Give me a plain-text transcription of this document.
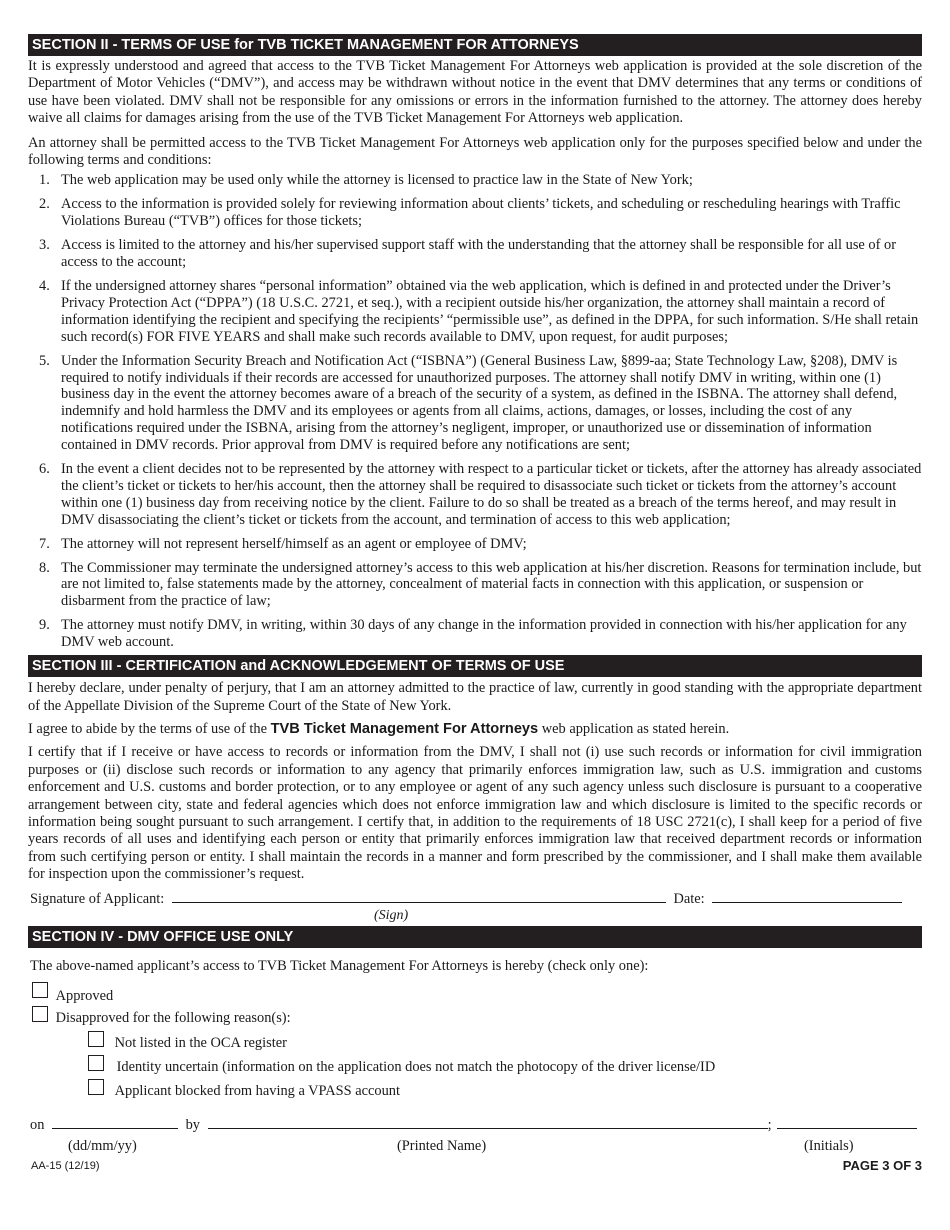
SECTION II - TERMS OF USE for TVB TICKET MANAGEMENT FOR ATTORNEYS

It is expressly understood and agreed that access to the TVB Ticket Management For Attorneys web application is provided at the sole discretion of the Department of Motor Vehicles (“DMV”), and access may be withdrawn without notice in the event that DMV determines that any terms or conditions of use have been violated. DMV shall not be responsible for any omissions or errors in the information furnished to the attorney. The attorney does hereby waive all claims for damages arising from the use of the TVB Ticket Management For Attorneys web application.

An attorney shall be permitted access to the TVB Ticket Management For Attorneys web application only for the purposes specified below and under the following terms and conditions:

1. The web application may be used only while the attorney is licensed to practice law in the State of New York;
2. Access to the information is provided solely for reviewing information about clients’ tickets, and scheduling or rescheduling hearings with Traffic Violations Bureau (“TVB”) offices for those tickets;
3. Access is limited to the attorney and his/her supervised support staff with the understanding that the attorney shall be responsible for all use of or access to the account;
4. If the undersigned attorney shares “personal information” obtained via the web application, which is defined in and protected under the Driver’s Privacy Protection Act (“DPPA”) (18 U.S.C. 2721, et seq.), with a recipient outside his/her organization, the attorney shall maintain a record of information identifying the recipient and specifying the recipients’ “permissible use”, as defined in the DPPA, for such information. S/He shall retain such record(s) FOR FIVE YEARS and shall make such records available to DMV, upon request, for audit purposes;
5. Under the Information Security Breach and Notification Act (“ISBNA”) (General Business Law, §899-aa; State Technology Law, §208), DMV is required to notify individuals if their records are accessed for unauthorized purposes. The attorney shall notify DMV in writing, within one (1) business day in the event the attorney becomes aware of a breach of the security of a system, as defined in the ISBNA. The attorney shall defend, indemnify and hold harmless the DMV and its employees or agents from all claims, actions, damages, or losses, including the cost of any notifications required under the ISBNA, arising from the attorney’s negligent, improper, or unauthorized use or dissemination of information contained in DMV records. Prior approval from DMV is required before any notifications are sent;
6. In the event a client decides not to be represented by the attorney with respect to a particular ticket or tickets, after the attorney has already associated the client’s ticket or tickets to her/his account, then the attorney shall be required to disassociate such ticket or tickets from the attorney’s account within one (1) business day from receiving notice by the client. Failure to do so shall be treated as a breach of the terms hereof, and may result in DMV disassociating the client’s ticket or tickets from the account, and termination of access to this web application;
7. The attorney will not represent herself/himself as an agent or employee of DMV;
8. The Commissioner may terminate the undersigned attorney’s access to this web application at his/her discretion. Reasons for termination include, but are not limited to, false statements made by the attorney, concealment of material facts in connection with this application, or suspension or disbarment from the practice of law;
9. The attorney must notify DMV, in writing, within 30 days of any change in the information provided in connection with his/her application for any DMV web account.
SECTION III - CERTIFICATION and ACKNOWLEDGEMENT OF TERMS OF USE

I hereby declare, under penalty of perjury, that I am an attorney admitted to the practice of law, currently in good standing with the appropriate department of the Appellate Division of the Supreme Court of the State of New York.

I agree to abide by the terms of use of the TVB Ticket Management For Attorneys web application as stated herein.

I certify that if I receive or have access to records or information from the DMV, I shall not (i) use such records or information for civil immigration purposes or (ii) disclose such records or information to any agency that primarily enforces immigration law, such as U.S. immigration and customs enforcement and U.S. customs and border protection, or to any employee or agent of any such agency unless such disclosure is pursuant to a cooperative arrangement between city, state and federal agencies which does not enforce immigration law and which disclosure is limited to the specific records or information being sought pursuant to such arrangement. I certify that, in addition to the requirements of 18 USC 2721(c), I shall keep for a period of five years records of all uses and identifying each person or entity that primarily enforces immigration law that received department records or information from such certifying person or entity. I shall maintain the records in a manner and form prescribed by the commissioner, and I shall make them available for inspection upon the commissioner’s request.

Signature of Applicant:	Date:
(Sign)
SECTION IV - DMV OFFICE USE ONLY
The above-named applicant’s access to TVB Ticket Management For Attorneys is hereby (check only one):
Approved
Disapproved for the following reason(s):
Not listed in the OCA register
Identity uncertain (information on the application does not match the photocopy of the driver license/ID
Applicant blocked from having a VPASS account
on	by	;
(dd/mm/yy)	(Printed Name)	(Initials)
AA-15 (12/19)	PAGE 3 OF 3
